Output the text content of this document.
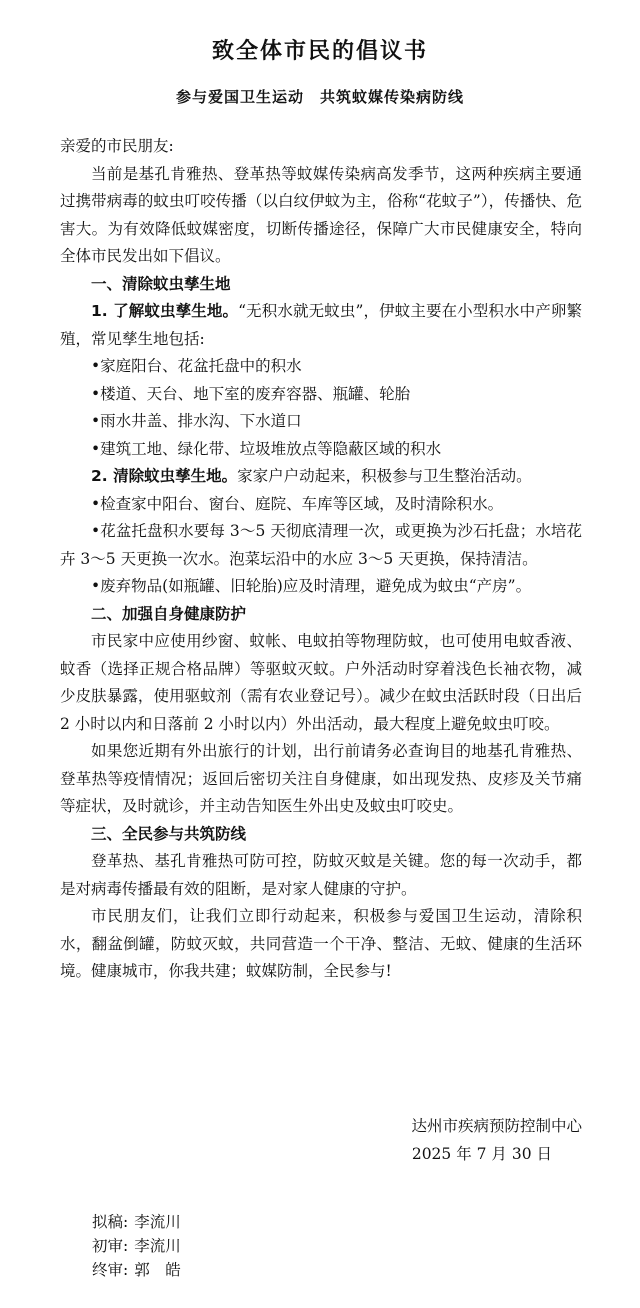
致全体市民的倡议书
参与爱国卫生运动　共筑蚊媒传染病防线

亲爱的市民朋友:

当前是基孔肯雅热、登革热等蚊媒传染病高发季节，这两种疾病主要通过携带病毒的蚊虫叮咬传播（以白纹伊蚊为主，俗称“花蚊子”），传播快、危害大。为有效降低蚊媒密度，切断传播途径，保障广大市民健康安全，特向全体市民发出如下倡议。

一、清除蚊虫孳生地

1. 了解蚊虫孳生地。“无积水就无蚊虫”，伊蚊主要在小型积水中产卵繁殖，常见孳生地包括:

•家庭阳台、花盆托盘中的积水

•楼道、天台、地下室的废弃容器、瓶罐、轮胎

•雨水井盖、排水沟、下水道口

•建筑工地、绿化带、垃圾堆放点等隐蔽区域的积水

2. 清除蚊虫孳生地。家家户户动起来，积极参与卫生整治活动。

•检查家中阳台、窗台、庭院、车库等区域，及时清除积水。

•花盆托盘积水要每 3～5 天彻底清理一次，或更换为沙石托盘；水培花卉 3～5 天更换一次水。泡菜坛沿中的水应 3～5 天更换，保持清洁。

•废弃物品(如瓶罐、旧轮胎)应及时清理，避免成为蚊虫“产房”。

二、加强自身健康防护

市民家中应使用纱窗、蚊帐、电蚊拍等物理防蚊，也可使用电蚊香液、蚊香（选择正规合格品牌）等驱蚊灭蚊。户外活动时穿着浅色长袖衣物，减少皮肤暴露，使用驱蚊剂（需有农业登记号）。减少在蚊虫活跃时段（日出后 2 小时以内和日落前 2 小时以内）外出活动，最大程度上避免蚊虫叮咬。

如果您近期有外出旅行的计划，出行前请务必查询目的地基孔肯雅热、登革热等疫情情况；返回后密切关注自身健康，如出现发热、皮疹及关节痛等症状，及时就诊，并主动告知医生外出史及蚊虫叮咬史。

三、全民参与共筑防线

登革热、基孔肯雅热可防可控，防蚊灭蚊是关键。您的每一次动手，都是对病毒传播最有效的阻断，是对家人健康的守护。

市民朋友们，让我们立即行动起来，积极参与爱国卫生运动，清除积水，翻盆倒罐，防蚊灭蚊，共同营造一个干净、整洁、无蚊、健康的生活环境。健康城市，你我共建；蚊媒防制，全民参与!

达州市疾病预防控制中心
2025 年 7 月 30 日
拟稿: 李流川
初审: 李流川
终审: 郭　皓
